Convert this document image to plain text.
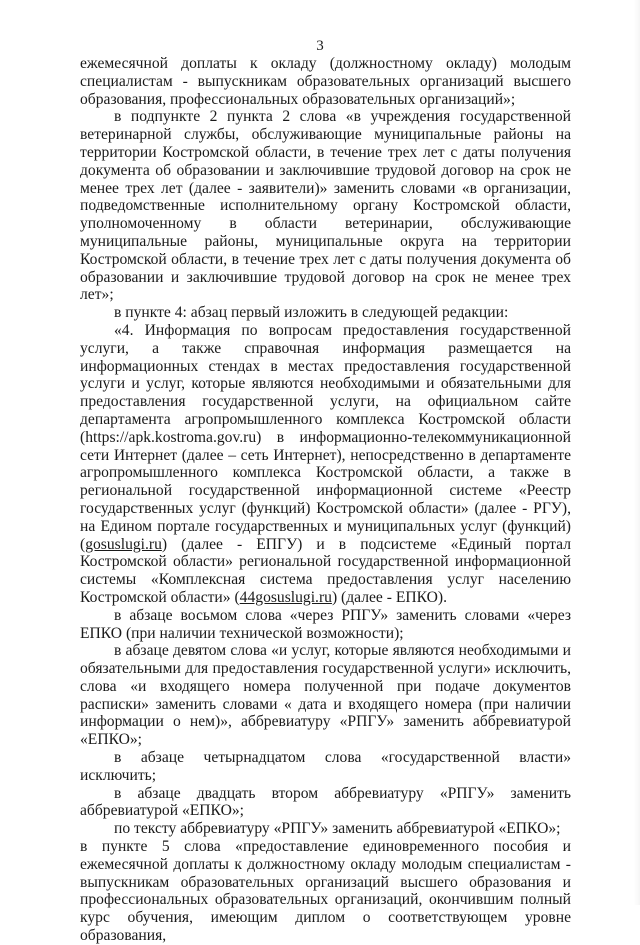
3

ежемесячной доплаты к окладу (должностному окладу) молодым специалистам - выпускникам образовательных организаций высшего образования, профессиональных образовательных организаций»;

в подпункте 2 пункта 2 слова «в учреждения государственной ветеринарной службы, обслуживающие муниципальные районы на территории Костромской области, в течение трех лет с даты получения документа об образовании и заключившие трудовой договор на срок не менее трех лет (далее - заявители)» заменить словами «в организации, подведомственные исполнительному органу Костромской области, уполномоченному в области ветеринарии, обслуживающие муниципальные районы, муниципальные округа на территории Костромской области, в течение трех лет с даты получения документа об образовании и заключившие трудовой договор на срок не менее трех лет»;

в пункте 4: абзац первый изложить в следующей редакции:

«4. Информация по вопросам предоставления государственной услуги, а также справочная информация размещается на информационных стендах в местах предоставления государственной услуги и услуг, которые являются необходимыми и обязательными для предоставления государственной услуги, на официальном сайте департамента агропромышленного комплекса Костромской области (https://apk.kostroma.gov.ru) в информационно-телекоммуникационной сети Интернет (далее – сеть Интернет), непосредственно в департаменте агропромышленного комплекса Костромской области, а также в региональной государственной информационной системе «Реестр государственных услуг (функций) Костромской области» (далее - РГУ), на Едином портале государственных и муниципальных услуг (функций) (gosuslugi.ru) (далее - ЕПГУ) и в подсистеме «Единый портал Костромской области» региональной государственной информационной системы «Комплексная система предоставления услуг населению Костромской области» (44gosuslugi.ru) (далее - ЕПКО).

в абзаце восьмом слова «через РПГУ» заменить словами «через ЕПКО (при наличии технической возможности);

в абзаце девятом слова «и услуг, которые являются необходимыми и обязательными для предоставления государственной услуги» исключить, слова «и входящего номера полученной при подаче документов расписки» заменить словами « дата и входящего номера (при наличии информации о нем)», аббревиатуру «РПГУ» заменить аббревиатурой «ЕПКО»;

в абзаце четырнадцатом слова «государственной власти» исключить;

в абзаце двадцать втором аббревиатуру «РПГУ» заменить аббревиатурой «ЕПКО»;

по тексту аббревиатуру «РПГУ» заменить аббревиатурой «ЕПКО»;

в пункте 5 слова «предоставление единовременного пособия и ежемесячной доплаты к должностному окладу молодым специалистам - выпускникам образовательных организаций высшего образования и профессиональных образовательных организаций, окончившим полный курс обучения, имеющим диплом о соответствующем уровне образования,
